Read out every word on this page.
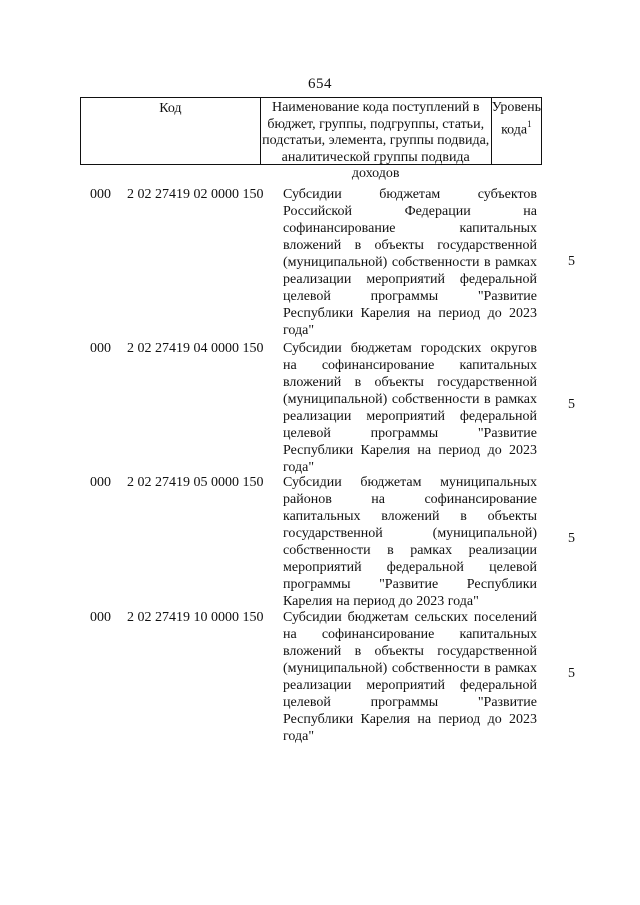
654
Код	Наименование кода поступлений в бюджет, группы, подгруппы, статьи, подстатьи, элемента, группы подвида, аналитической группы подвида доходов
Уровень кода$^1$
000 2 02 27419 02 0000 150 Субсидии бюджетам субъектов Российской Федерации на софинансирование капитальных вложений в объекты государственной (муниципальной) собственности в рамках реализации мероприятий федеральной целевой программы "Развитие Республики Карелия на период до 2023 года"
5
000 2 02 27419 04 0000 150 Субсидии бюджетам городских округов на софинансирование капитальных вложений в объекты государственной (муниципальной) собственности в рамках реализации мероприятий федеральной целевой программы "Развитие Республики Карелия на период до 2023 года"
5
000 2 02 27419 05 0000 150 Субсидии бюджетам муниципальных районов на софинансирование капитальных вложений в объекты государственной (муниципальной) собственности в рамках реализации мероприятий федеральной целевой программы "Развитие Республики Карелия на период до 2023 года"
5
000 2 02 27419 10 0000 150 Субсидии бюджетам сельских поселений на софинансирование капитальных вложений в объекты государственной (муниципальной) собственности в рамках реализации мероприятий федеральной целевой программы "Развитие Республики Карелия на период до 2023 года"
5
